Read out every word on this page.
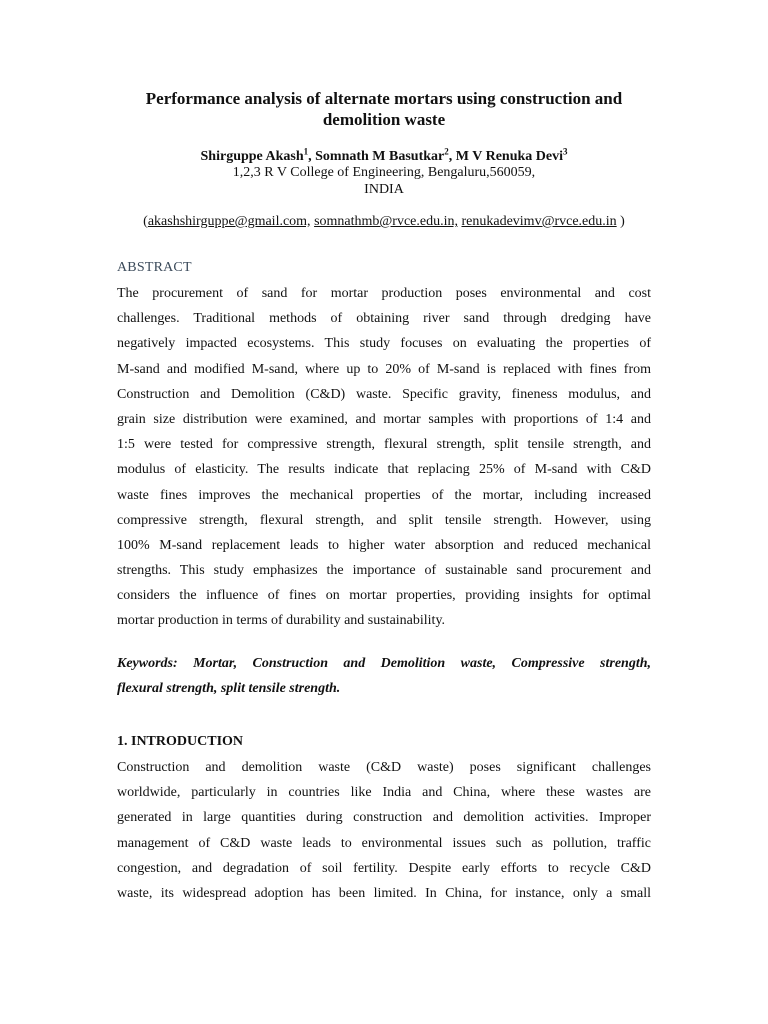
Performance analysis of alternate mortars using construction and
demolition waste
Shirguppe Akash$^1$, Somnath M Basutkar$^2$, M V Renuka Devi$^3$
1,2,3 R V College of Engineering, Bengaluru,560059,
INDIA
(akashshirguppe@gmail.com, somnathmb@rvce.edu.in, renukadevimv@rvce.edu.in )
ABSTRACT
The procurement of sand for mortar production poses environmental and cost
challenges. Traditional methods of obtaining river sand through dredging have
negatively impacted ecosystems. This study focuses on evaluating the properties of
M-sand and modified M-sand, where up to 20% of M-sand is replaced with fines from
Construction and Demolition (C&D) waste. Specific gravity, fineness modulus, and
grain size distribution were examined, and mortar samples with proportions of 1:4 and
1:5 were tested for compressive strength, flexural strength, split tensile strength, and
modulus of elasticity. The results indicate that replacing 25% of M-sand with C&D
waste fines improves the mechanical properties of the mortar, including increased
compressive strength, flexural strength, and split tensile strength. However, using
100% M-sand replacement leads to higher water absorption and reduced mechanical
strengths. This study emphasizes the importance of sustainable sand procurement and
considers the influence of fines on mortar properties, providing insights for optimal
mortar production in terms of durability and sustainability.
Keywords: Mortar, Construction and Demolition waste, Compressive strength,
flexural strength, split tensile strength.
1. INTRODUCTION
Construction and demolition waste (C&D waste) poses significant challenges
worldwide, particularly in countries like India and China, where these wastes are
generated in large quantities during construction and demolition activities. Improper
management of C&D waste leads to environmental issues such as pollution, traffic
congestion, and degradation of soil fertility. Despite early efforts to recycle C&D
waste, its widespread adoption has been limited. In China, for instance, only a small
